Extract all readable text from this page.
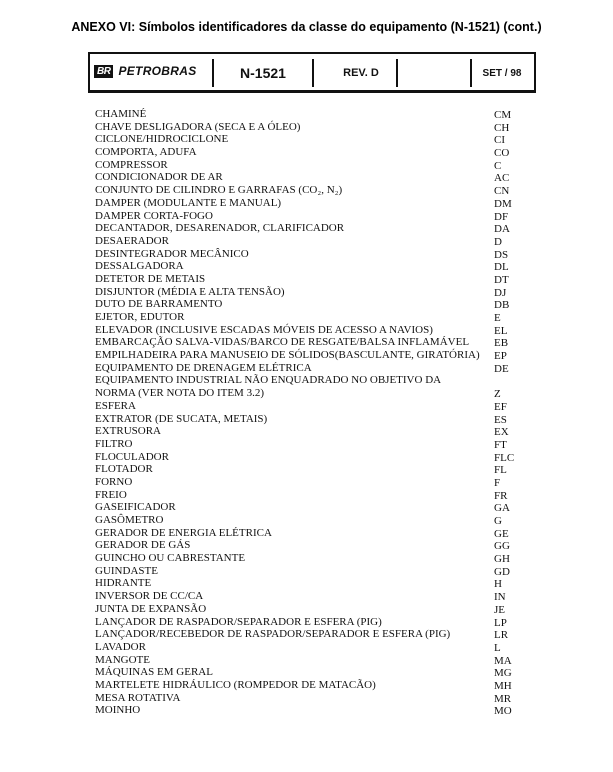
ANEXO VI: Símbolos identificadores da classe do equipamento (N-1521) (cont.)
BR PETROBRAS	N-1521	REV. D	SET / 98
CHAMINÉ	CM
CHAVE DESLIGADORA (SECA E A ÓLEO)	CH
CICLONE/HIDROCICLONE	CI
COMPORTA, ADUFA	CO
COMPRESSOR	C
CONDICIONADOR DE AR	AC
CONJUNTO DE CILINDRO E GARRAFAS (CO₂, N₂)	CN
DAMPER (MODULANTE E MANUAL)	DM
DAMPER CORTA-FOGO	DF
DECANTADOR, DESARENADOR, CLARIFICADOR	DA
DESAERADOR	D
DESINTEGRADOR MECÂNICO	DS
DESSALGADORA	DL
DETETOR DE METAIS	DT
DISJUNTOR (MÉDIA E ALTA TENSÃO)	DJ
DUTO DE BARRAMENTO	DB
EJETOR, EDUTOR	E
ELEVADOR (INCLUSIVE ESCADAS MÓVEIS DE ACESSO A NAVIOS)	EL
EMBARCAÇÃO SALVA-VIDAS/BARCO DE RESGATE/BALSA INFLAMÁVEL EB
EMPILHADEIRA PARA MANUSEIO DE SÓLIDOS(BASCULANTE, GIRATÓRIA) EP
EQUIPAMENTO DE DRENAGEM ELÉTRICA	DE
EQUIPAMENTO INDUSTRIAL NÃO ENQUADRADO NO OBJETIVO DA
NORMA (VER NOTA DO ITEM 3.2)	Z
ESFERA	EF
EXTRATOR (DE SUCATA, METAIS)	ES
EXTRUSORA	EX
FILTRO	FT
FLOCULADOR	FLC
FLOTADOR	FL
FORNO	F
FREIO	FR
GASEIFICADOR	GA
GASÔMETRO	G
GERADOR DE ENERGIA ELÉTRICA	GE
GERADOR DE GÁS	GG
GUINCHO OU CABRESTANTE	GH
GUINDASTE	GD
HIDRANTE	H
INVERSOR DE CC/CA	IN
JUNTA DE EXPANSÃO	JE
LANÇADOR DE RASPADOR/SEPARADOR E ESFERA (PIG)	LP
LANÇADOR/RECEBEDOR DE RASPADOR/SEPARADOR E ESFERA (PIG)	LR
LAVADOR	L
MANGOTE	MA
MÁQUINAS EM GERAL	MG
MARTELETE HIDRÁULICO (ROMPEDOR DE MATACÃO)	MH
MESA ROTATIVA	MR
MOINHO	MO
